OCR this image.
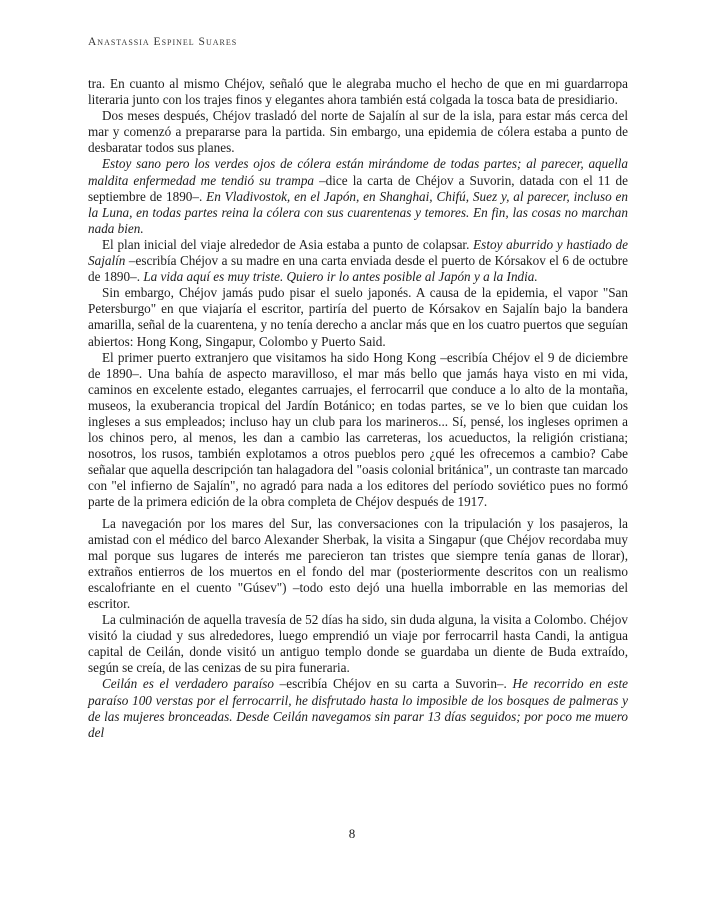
Anastassia Espinel Suares

tra. En cuanto al mismo Chéjov, señaló que le alegraba mucho el hecho de que en mi guardarropa literaria junto con los trajes finos y elegantes ahora también está colgada la tosca bata de presidiario.

Dos meses después, Chéjov trasladó del norte de Sajalín al sur de la isla, para estar más cerca del mar y comenzó a prepararse para la partida. Sin embargo, una epidemia de cólera estaba a punto de desbaratar todos sus planes.

Estoy sano pero los verdes ojos de cólera están mirándome de todas partes; al parecer, aquella maldita enfermedad me tendió su trampa –dice la carta de Chéjov a Suvorin, datada con el 11 de septiembre de 1890–. En Vladivostok, en el Japón, en Shanghai, Chifú, Suez y, al parecer, incluso en la Luna, en todas partes reina la cólera con sus cuarentenas y temores. En fin, las cosas no marchan nada bien.

El plan inicial del viaje alrededor de Asia estaba a punto de colapsar. Estoy aburrido y hastiado de Sajalín –escribía Chéjov a su madre en una carta enviada desde el puerto de Kórsakov el 6 de octubre de 1890–. La vida aquí es muy triste. Quiero ir lo antes posible al Japón y a la India.

Sin embargo, Chéjov jamás pudo pisar el suelo japonés. A causa de la epidemia, el vapor "San Petersburgo" en que viajaría el escritor, partiría del puerto de Kórsakov en Sajalín bajo la bandera amarilla, señal de la cuarentena, y no tenía derecho a anclar más que en los cuatro puertos que seguían abiertos: Hong Kong, Singapur, Colombo y Puerto Said.

El primer puerto extranjero que visitamos ha sido Hong Kong –escribía Chéjov el 9 de diciembre de 1890–. Una bahía de aspecto maravilloso, el mar más bello que jamás haya visto en mi vida, caminos en excelente estado, elegantes carruajes, el ferrocarril que conduce a lo alto de la montaña, museos, la exuberancia tropical del Jardín Botánico; en todas partes, se ve lo bien que cuidan los ingleses a sus empleados; incluso hay un club para los marineros... Sí, pensé, los ingleses oprimen a los chinos pero, al menos, les dan a cambio las carreteras, los acueductos, la religión cristiana; nosotros, los rusos, también explotamos a otros pueblos pero ¿qué les ofrecemos a cambio? Cabe señalar que aquella descripción tan halagadora del "oasis colonial británica", un contraste tan marcado con "el infierno de Sajalín", no agradó para nada a los editores del período soviético pues no formó parte de la primera edición de la obra completa de Chéjov después de 1917.

La navegación por los mares del Sur, las conversaciones con la tripulación y los pasajeros, la amistad con el médico del barco Alexander Sherbak, la visita a Singapur (que Chéjov recordaba muy mal porque sus lugares de interés me parecieron tan tristes que siempre tenía ganas de llorar), extraños entierros de los muertos en el fondo del mar (posteriormente descritos con un realismo escalofriante en el cuento "Gúsev") –todo esto dejó una huella imborrable en las memorias del escritor.

La culminación de aquella travesía de 52 días ha sido, sin duda alguna, la visita a Colombo. Chéjov visitó la ciudad y sus alrededores, luego emprendió un viaje por ferrocarril hasta Candi, la antigua capital de Ceilán, donde visitó un antiguo templo donde se guardaba un diente de Buda extraído, según se creía, de las cenizas de su pira funeraria.

Ceilán es el verdadero paraíso –escribía Chéjov en su carta a Suvorin–. He recorrido en este paraíso 100 verstas por el ferrocarril, he disfrutado hasta lo imposible de los bosques de palmeras y de las mujeres bronceadas. Desde Ceilán navegamos sin parar 13 días seguidos; por poco me muero del

8
